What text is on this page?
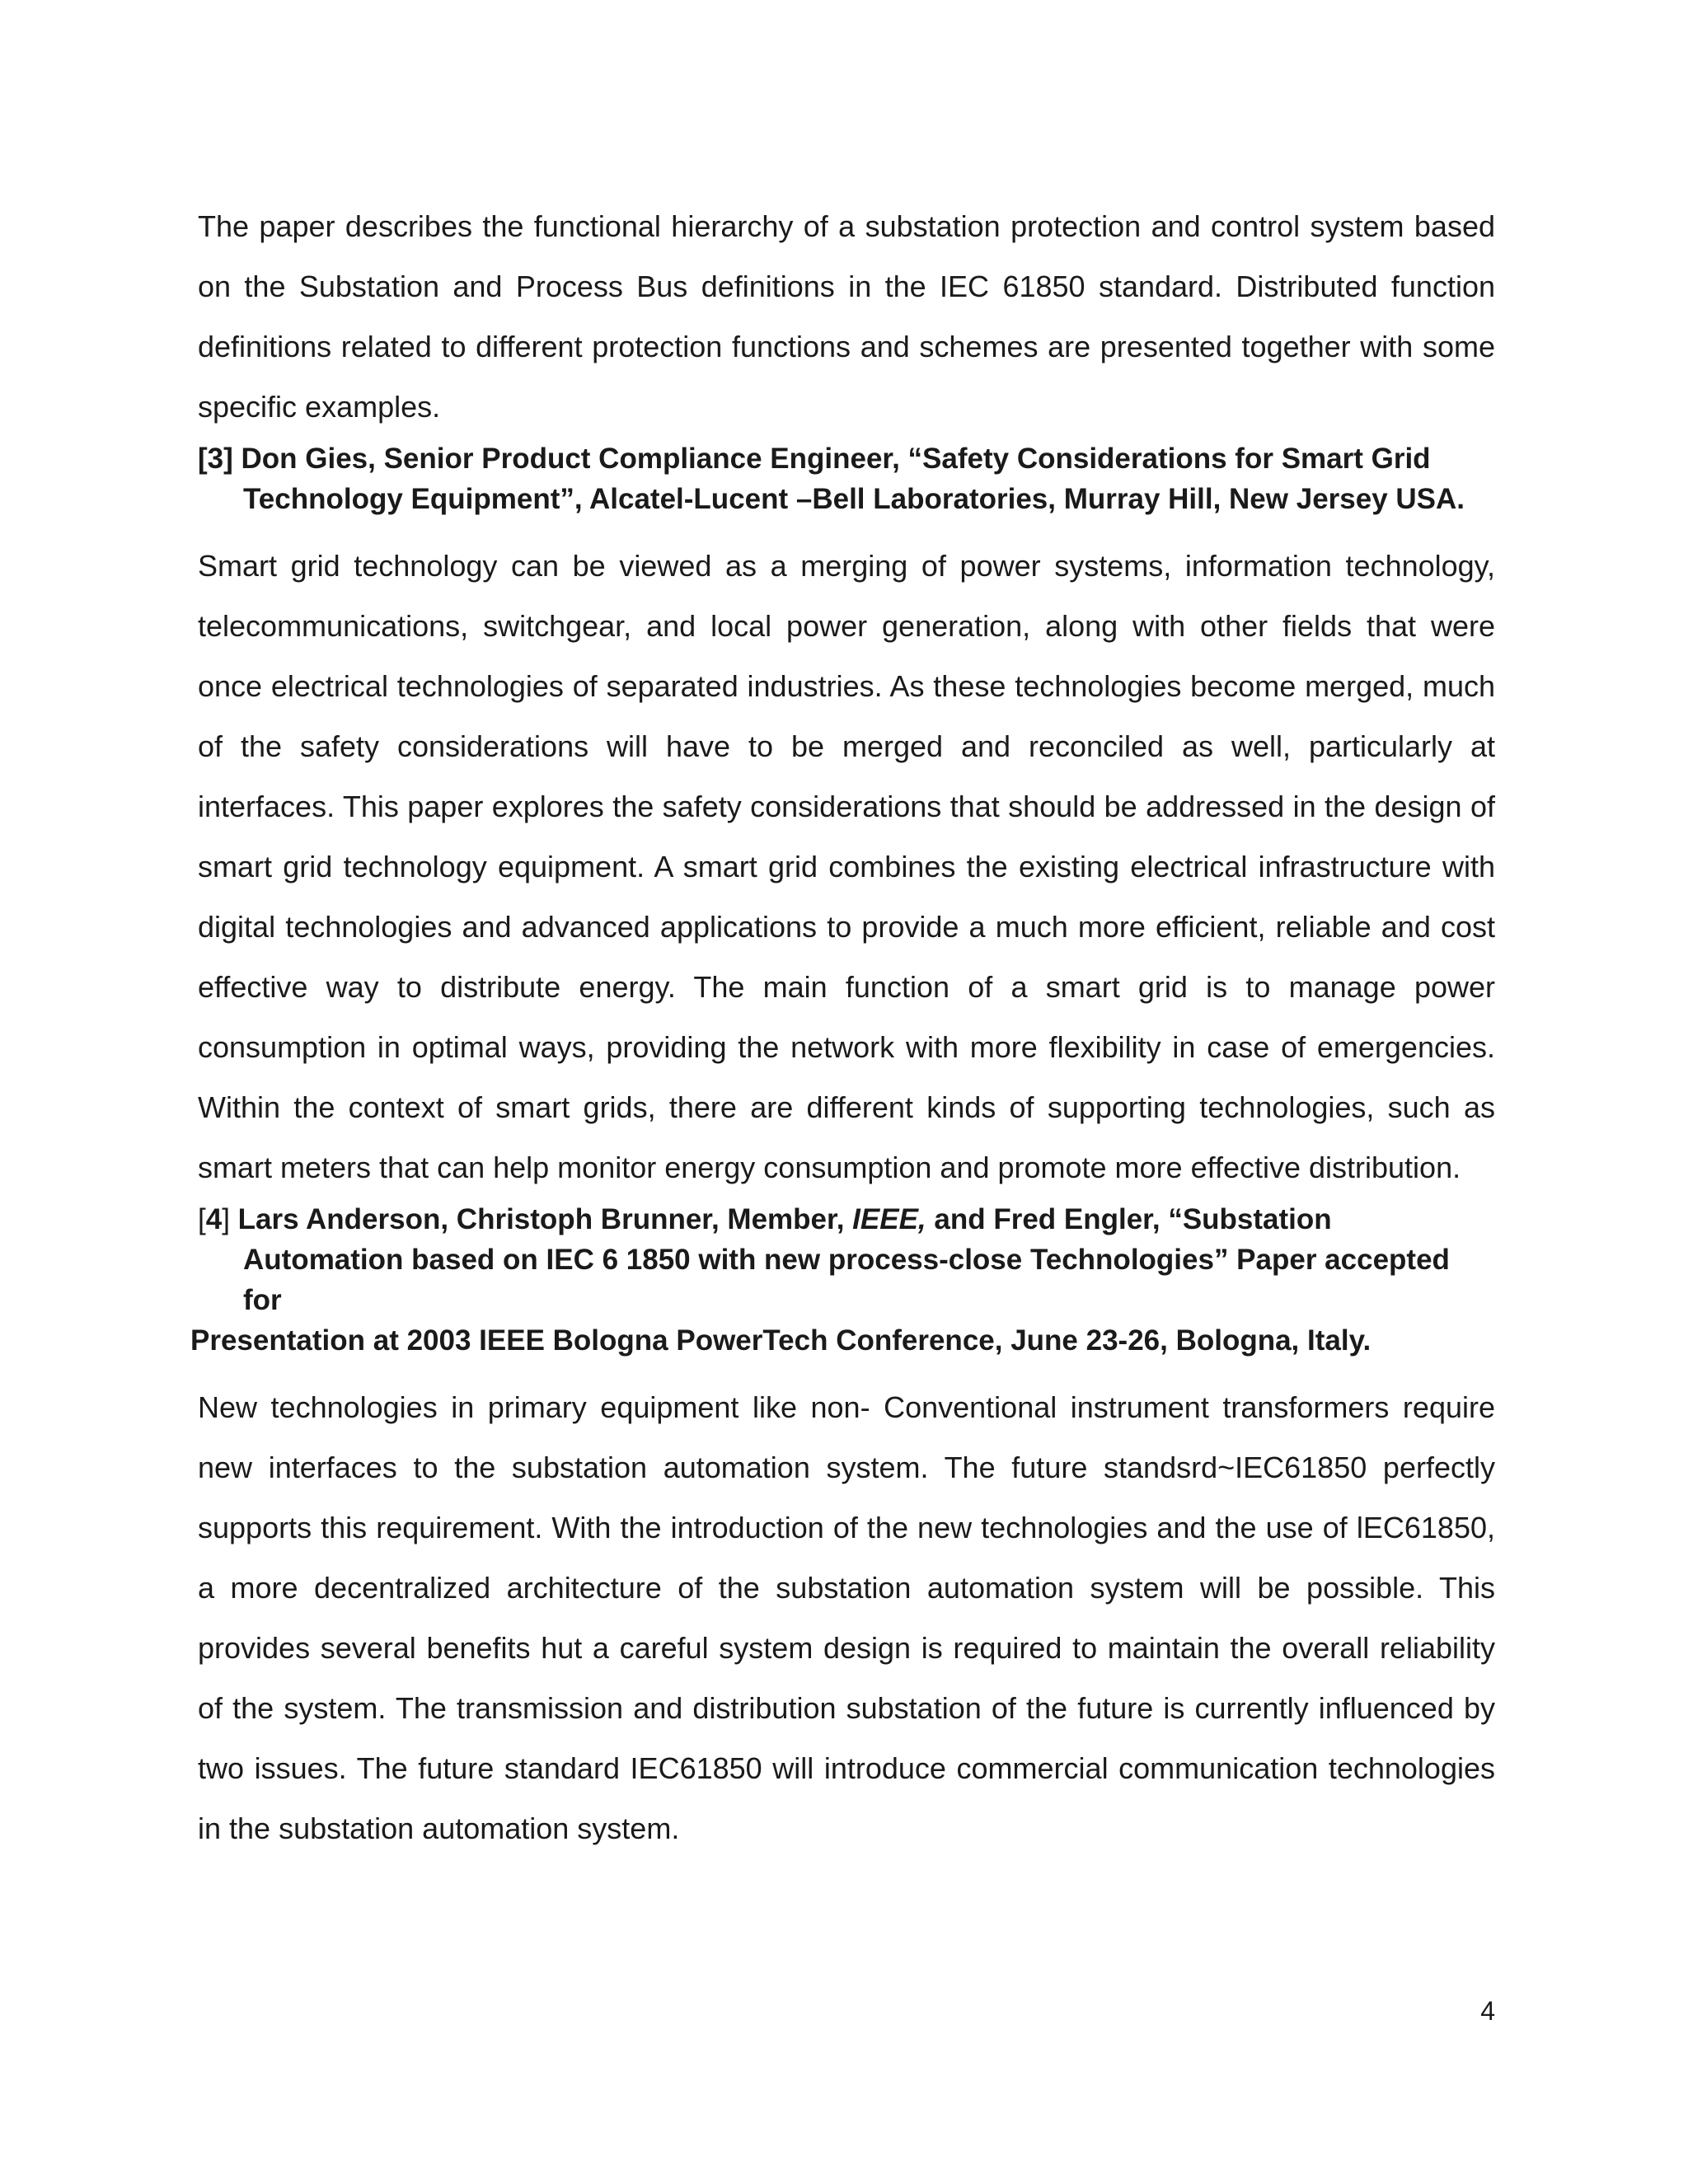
The paper describes the functional hierarchy of a substation protection and control system based on the Substation and Process Bus definitions in the IEC 61850 standard. Distributed function definitions related to different protection functions and schemes are presented together with some specific examples.

[3] Don Gies, Senior Product Compliance Engineer, “Safety Considerations for Smart Grid Technology Equipment”, Alcatel-Lucent –Bell Laboratories, Murray Hill, New Jersey USA.

Smart grid technology can be viewed as a merging of power systems, information technology, telecommunications, switchgear, and local power generation, along with other fields that were once electrical technologies of separated industries. As these technologies become merged, much of the safety considerations will have to be merged and reconciled as well, particularly at interfaces. This paper explores the safety considerations that should be addressed in the design of smart grid technology equipment. A smart grid combines the existing electrical infrastructure with digital technologies and advanced applications to provide a much more efficient, reliable and cost effective way to distribute energy. The main function of a smart grid is to manage power consumption in optimal ways, providing the network with more flexibility in case of emergencies. Within the context of smart grids, there are different kinds of supporting technologies, such as smart meters that can help monitor energy consumption and promote more effective distribution.

[4] Lars Anderson, Christoph Brunner, Member, IEEE, and Fred Engler, “Substation Automation based on IEC 6 1850 with new process-close Technologies” Paper accepted for
Presentation at 2003 IEEE Bologna PowerTech Conference, June 23-26, Bologna, Italy.

New technologies in primary equipment like non- Conventional instrument transformers require new interfaces to the substation automation system. The future standsrd~IEC61850 perfectly supports this requirement. With the introduction of the new technologies and the use of lEC61850, a more decentralized architecture of the substation automation system will be possible. This provides several benefits hut a careful system design is required to maintain the overall reliability of the system. The transmission and distribution substation of the future is currently influenced by two issues. The future standard IEC61850 will introduce commercial communication technologies in the substation automation system.

4
